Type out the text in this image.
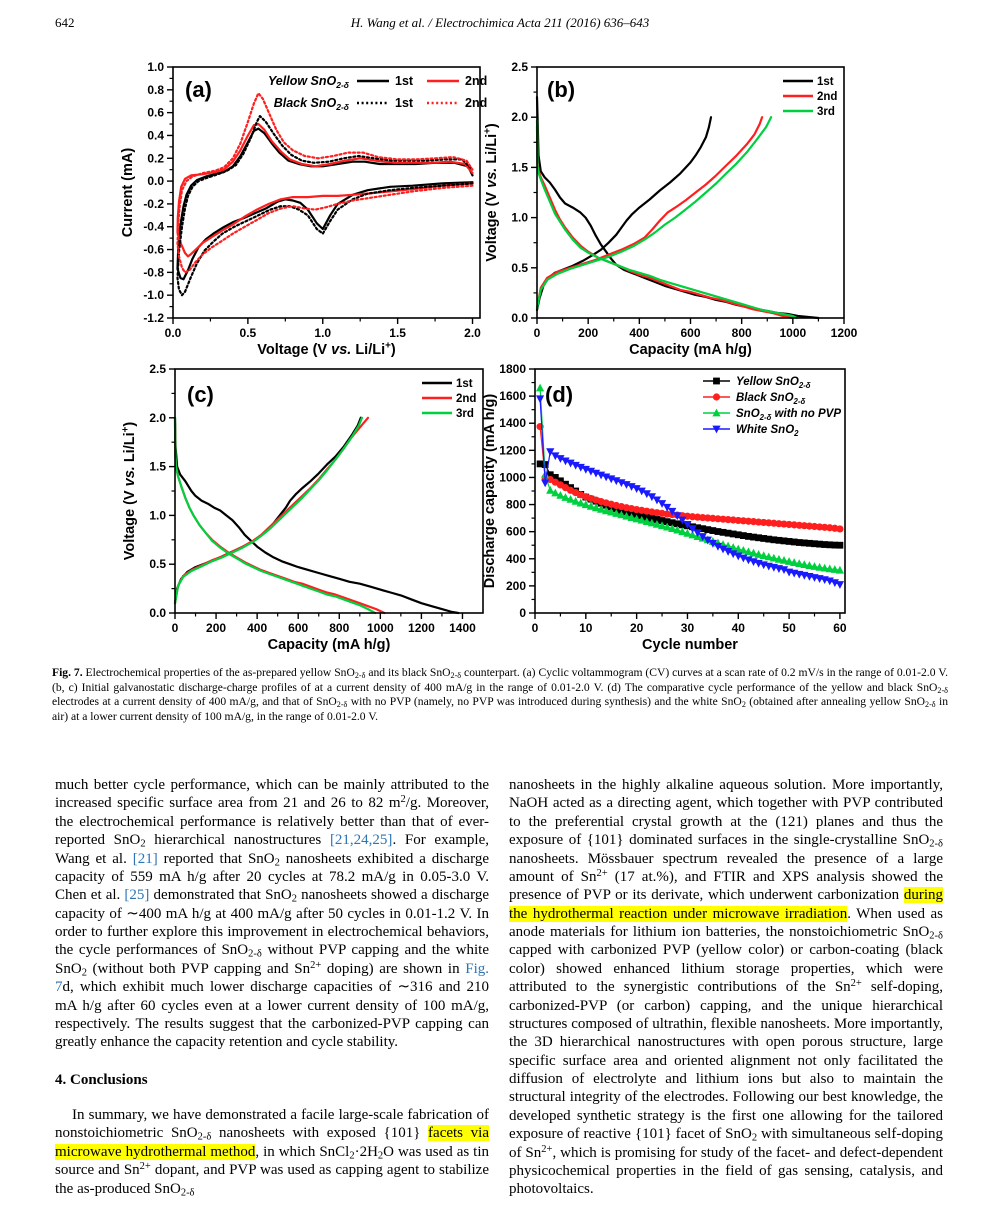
642	H. Wang et al. / Electrochimica Acta 211 (2016) 636–643
0.0	0.5	1.0	1.5	2.0
1.0
0.8
0.6
0.4
0.2
0.0
-0.2
-0.4
-0.6
-0.8
-1.0
-1.2
Voltage (V vs. Li/Li+)
Current (mA)
(a)	Yellow SnO$_{2-\delta}$	1st	2nd
Black SnO$_{2-\delta}$	1st	2nd
0	200	400	600	800 1000 1200
0.0
0.5
1.0
1.5
2.0
2.5
Capacity (mA h/g)
Voltage (V vs. Li/Li+)
(b)	1st
2nd
3rd
0 200 400 600 800 1000 1200 1400
0.0
0.5
1.0
1.5
2.0
2.5
Capacity (mA h/g)
Voltage (V vs. Li/Li+)
(c)	1st
2nd
3rd
0	10	20	30	40	50	60
0
200
400
600
800
1000
1200
1400
1600
1800
Cycle number
Discharge capacity (mA h/g) (d)	Yellow SnO$_{2-\delta}$
Black SnO$_{2-\delta}$
SnO$_{2-\delta}$ with no PVP
White SnO$_2$
Fig. 7. Electrochemical properties of the as-prepared yellow SnO$_{2-\delta}$ and its black SnO$_{2-\delta}$ counterpart. (a) Cyclic voltammogram (CV) curves at a scan rate of 0.2 mV/s in the range of 0.01-2.0 V. (b, c) Initial galvanostatic discharge-charge profiles of at a current density of 400 mA/g in the range of 0.01-2.0 V. (d) The comparative cycle performance of the yellow and black SnO$_{2-\delta}$ electrodes at a current density of 400 mA/g, and that of SnO$_{2-\delta}$ with no PVP (namely, no PVP was introduced during synthesis) and the white SnO$_2$ (obtained after annealing yellow SnO$_{2-\delta}$ in air) at a lower current density of 100 mA/g, in the range of 0.01-2.0 V.

much better cycle performance, which can be mainly attributed to the increased specific surface area from 21 and 26 to 82 $m^2/g$. Moreover, the electrochemical performance is relatively better than that of ever-reported SnO$_2$ hierarchical nanostructures [21,24,25]. For example, Wang et al. [21] reported that SnO$_2$ nanosheets exhibited a discharge capacity of 559 mA h/g after 20 cycles at 78.2 mA/g in 0.05-3.0 V. Chen et al. [25] demonstrated that SnO$_2$ nanosheets showed a discharge capacity of ∼400 mA h/g at 400 mA/g after 50 cycles in 0.01-1.2 V. In order to further explore this improvement in electrochemical behaviors, the cycle performances of SnO$_{2-\delta}$ without PVP capping and the white SnO$_2$ (without both PVP capping and $Sn^{2+}$ doping) are shown in Fig. 7d, which exhibit much lower discharge capacities of ∼316 and 210 mA h/g after 60 cycles even at a lower current density of 100 mA/g, respectively. The results suggest that the carbonized-PVP capping can greatly enhance the capacity retention and cycle stability.

4. Conclusions

In summary, we have demonstrated a facile large-scale fabrication of nonstoichiometric SnO$_{2-\delta}$ nanosheets with exposed {101} facets via microwave hydrothermal method, in which $SnCl_2\cdot 2H_2O$ was used as tin source and $Sn^{2+}$ dopant, and PVP was used as capping agent to stabilize the as-produced SnO$_{2-\delta}$

nanosheets in the highly alkaline aqueous solution. More importantly, NaOH acted as a directing agent, which together with PVP contributed to the preferential crystal growth at the (121) planes and thus the exposure of {101} dominated surfaces in the single-crystalline SnO$_{2-\delta}$ nanosheets. Mössbauer spectrum revealed the presence of a large amount of $Sn^{2+}$ (17 at.%), and FTIR and XPS analysis showed the presence of PVP or its derivate, which underwent carbonization during the hydrothermal reaction under microwave irradiation. When used as anode materials for lithium ion batteries, the nonstoichiometric SnO$_{2-\delta}$ capped with carbonized PVP (yellow color) or carbon-coating (black color) showed enhanced lithium storage properties, which were attributed to the synergistic contributions of the $Sn^{2+}$ self-doping, carbonized-PVP (or carbon) capping, and the unique hierarchical structures composed of ultrathin, flexible nanosheets. More importantly, the 3D hierarchical nanostructures with open porous structure, large specific surface area and oriented alignment not only facilitated the diffusion of electrolyte and lithium ions but also to maintain the structural integrity of the electrodes. Following our best knowledge, the developed synthetic strategy is the first one allowing for the tailored exposure of reactive {101} facet of SnO$_2$ with simultaneous self-doping of $Sn^{2+}$, which is promising for study of the facet- and defect-dependent physicochemical properties in the field of gas sensing, catalysis, and photovoltaics.
